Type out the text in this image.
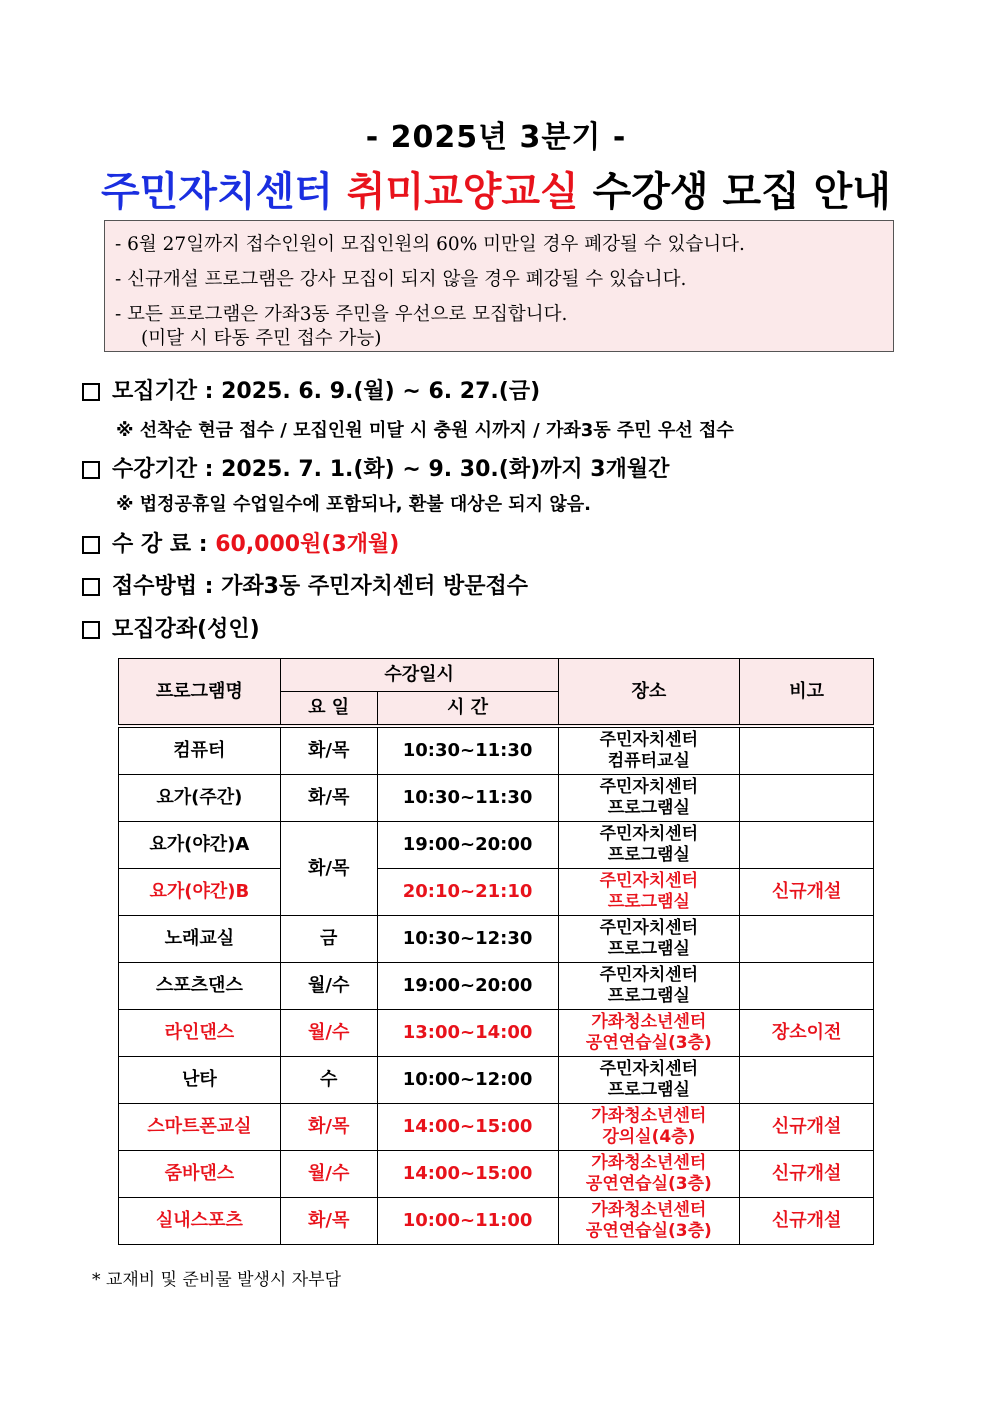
- 2025년 3분기 -
주민자치센터 취미교양교실 수강생 모집 안내
- 6월 27일까지 접수인원이 모집인원의 60% 미만일 경우 폐강될 수 있습니다.
- 신규개설 프로그램은 강사 모집이 되지 않을 경우 폐강될 수 있습니다.
- 모든 프로그램은 가좌3동 주민을 우선으로 모집합니다.
(미달 시 타동 주민 접수 가능)
모집기간 : 2025. 6. 9.(월) ~ 6. 27.(금)
※ 선착순 현금 접수 / 모집인원 미달 시 충원 시까지 / 가좌3동 주민 우선 접수
수강기간 : 2025. 7. 1.(화) ~ 9. 30.(화)까지 3개월간
※ 법정공휴일 수업일수에 포함되나, 환불 대상은 되지 않음.
수 강 료 : 60,000원(3개월)
접수방법 : 가좌3동 주민자치센터 방문접수
모집강좌(성인)
프로그램명	수강일시		장소	비고
	요 일	시 간		
컴퓨터	화/목	10:30~11:30	주민자치센터
컴퓨터교실	
요가(주간)	화/목	10:30~11:30	주민자치센터
프로그램실	
요가(야간)A	화/목	19:00~20:00	주민자치센터
프로그램실	
요가(야간)B		20:10~21:10	주민자치센터
프로그램실	신규개설
노래교실	금	10:30~12:30	주민자치센터
프로그램실	
스포츠댄스	월/수	19:00~20:00	주민자치센터
프로그램실	
라인댄스	월/수	13:00~14:00	가좌청소년센터
공연연습실(3층)	장소이전
난타	수	10:00~12:00	주민자치센터
프로그램실	
스마트폰교실	화/목	14:00~15:00	가좌청소년센터
강의실(4층)	신규개설
줌바댄스	월/수	14:00~15:00	가좌청소년센터
공연연습실(3층)	신규개설
실내스포츠	화/목	10:00~11:00	가좌청소년센터
공연연습실(3층)	신규개설
* 교재비 및 준비물 발생시 자부담
